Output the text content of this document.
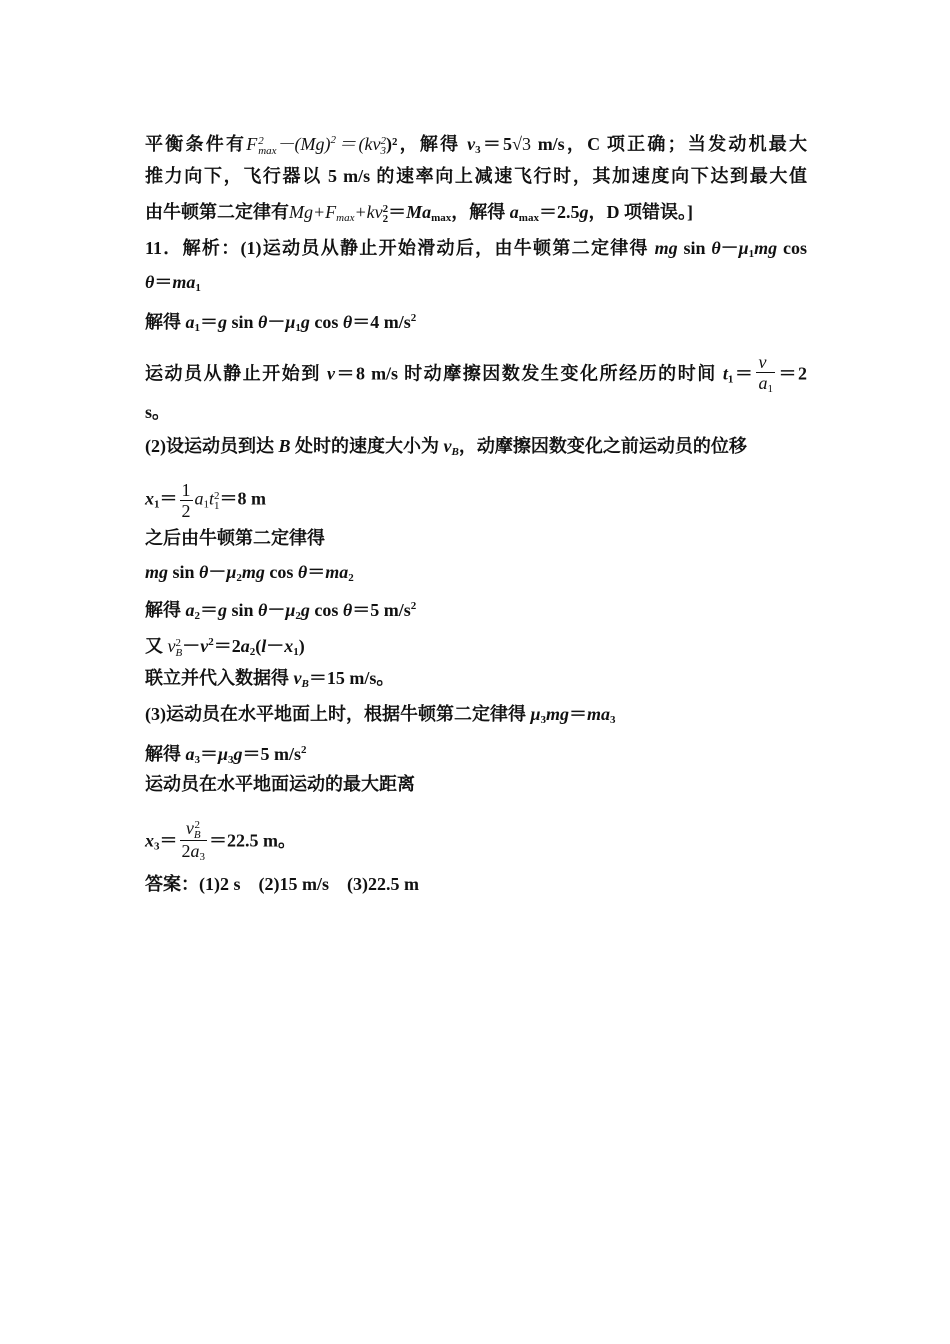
平衡条件有F 2
$\max -(Mg)^2=(kv$ 2
3 )²，解得 $v_3=5√3$ m/s，C 项正确；当发动机最大
推力向下，飞行器以 5 m/s 的速率向上减速飞行时，其加速度向下达到最大值
由牛顿第二定律有$Mg+F_{max}+kv$ 2
$2 =Ma_{max}$，解得 $a_{max}=2.5g$，D 项错误。]
11．解析：(1)运动员从静止开始滑动后，由牛顿第二定律得 mg $\sin \theta-\mu_1mg$ cos
$\theta=ma_1$
解得 $a_1=g$ $\sin \theta-\mu_1g$ cos θ＝4 $m/s^2$
运动员从静止开始到 v＝8 m/s 时动摩擦因数发生变化所经历的时间 $t_1= \frac{v}{a_1} =2$
s。
(2)设运动员到达 B 处时的速度大小为 $v_B$，动摩擦因数变化之前运动员的位移
$x_1= \frac{1}{2} a_1t$ 2
1 ＝8 m
之后由牛顿第二定律得
mg $\sin \theta-\mu_2mg$ $\cos \theta=ma_2$
解得 $a_2=g$ $\sin \theta-\mu_2g$ cos θ＝5 $m/s^2$
又 v 2
$B -v^2=2a_2(l-x_1)$
联立并代入数据得 $v_B=15$ m/s。
(3)运动员在水平地面上时，根据牛顿第二定律得 $\mu_3mg=ma_3$
解得 $a_3=\mu_3g=5$ $m/s^2$
运动员在水平地面运动的最大距离
$x_3= v$ 2
B
$2a_3 =22.5$ m。
答案：(1)2 s　(2)15 m/s　(3)22.5 m
